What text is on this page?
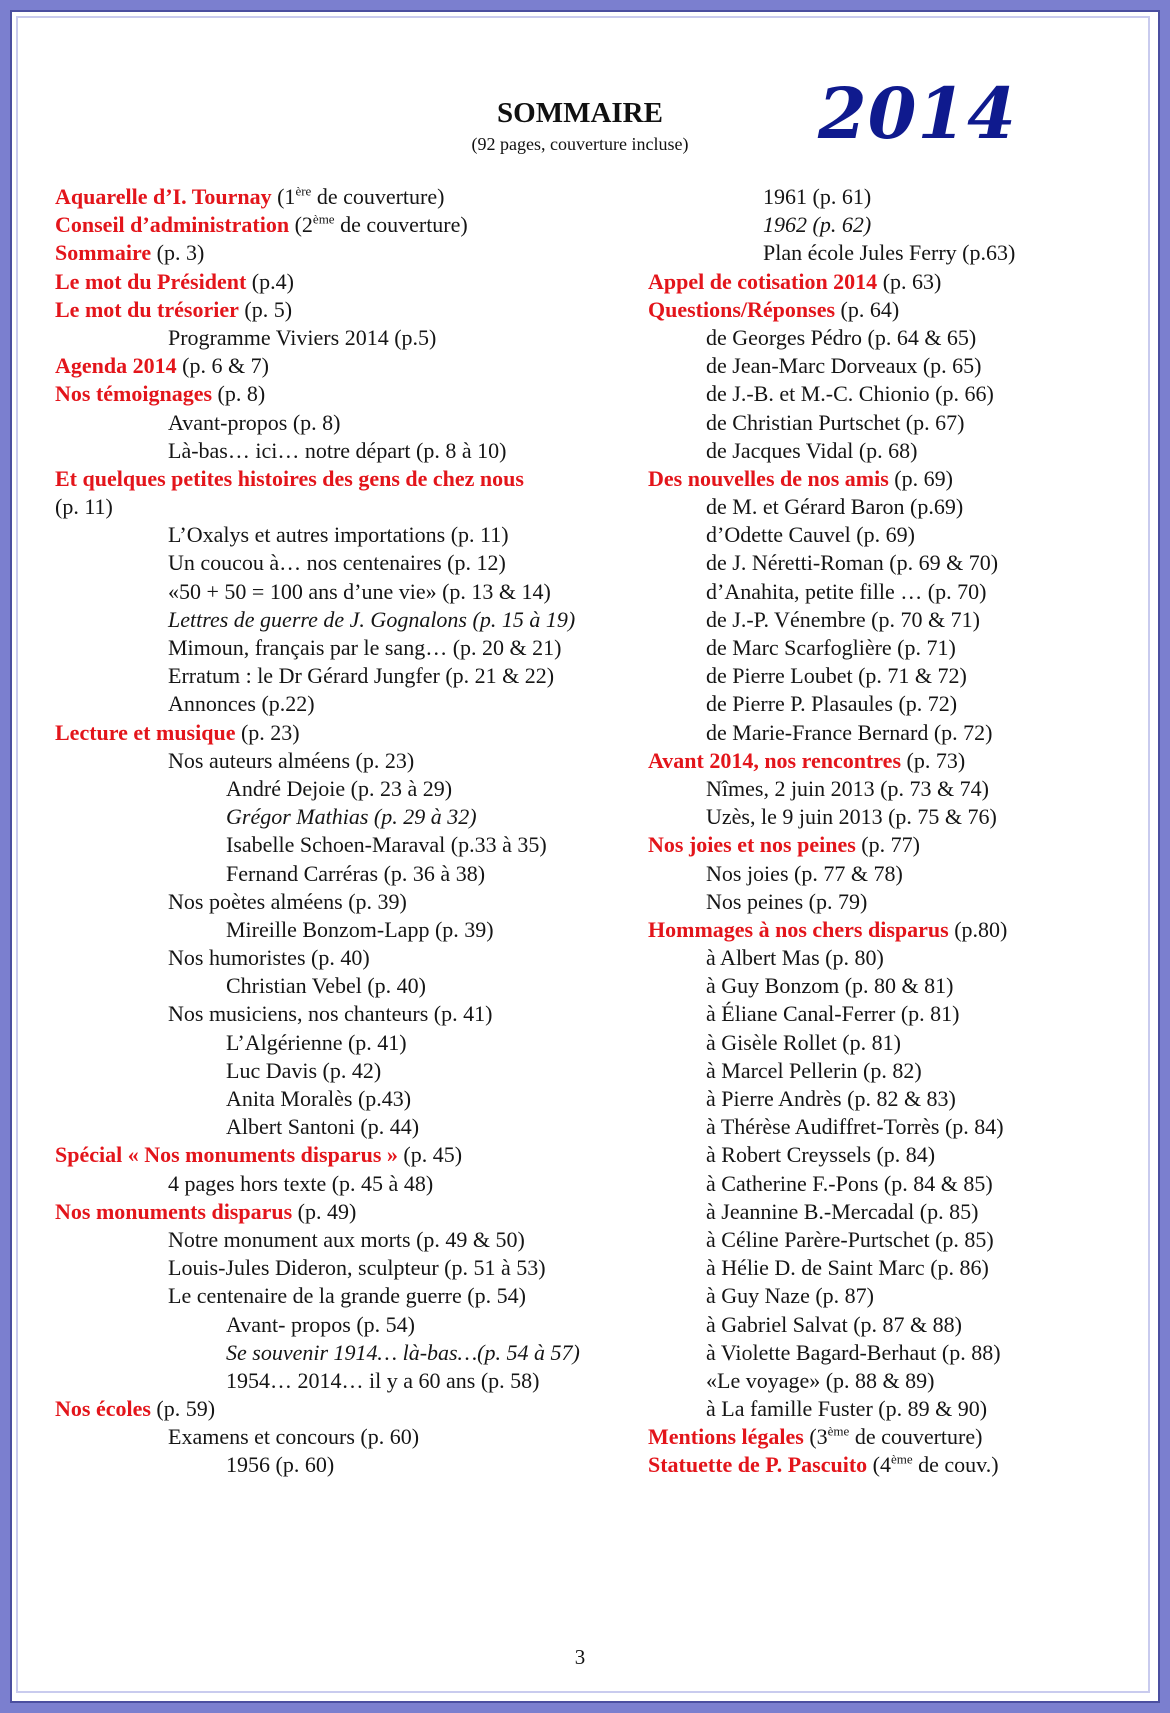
SOMMAIRE
(92 pages, couverture incluse)	2014
Aquarelle d’I. Tournay (1ère de couverture)
Conseil d’administration (2ème de couverture)
Sommaire (p. 3)
Le mot du Président (p.4)
Le mot du trésorier (p. 5)
Programme Viviers 2014 (p.5)
Agenda 2014 (p. 6 & 7)
Nos témoignages (p. 8)
Avant-propos (p. 8)
Là-bas… ici… notre départ (p. 8 à 10)
Et quelques petites histoires des gens de chez nous
(p. 11)
L’Oxalys et autres importations (p. 11)
Un coucou à… nos centenaires (p. 12)
«50 + 50 = 100 ans d’une vie» (p. 13 & 14)
Lettres de guerre de J. Gognalons (p. 15 à 19)
Mimoun, français par le sang… (p. 20 & 21)
Erratum : le Dr Gérard Jungfer (p. 21 & 22)
Annonces (p.22)
Lecture et musique (p. 23)
Nos auteurs alméens (p. 23)
André Dejoie (p. 23 à 29)
Grégor Mathias (p. 29 à 32)
Isabelle Schoen-Maraval (p.33 à 35)
Fernand Carréras (p. 36 à 38)
Nos poètes alméens (p. 39)
Mireille Bonzom-Lapp (p. 39)
Nos humoristes (p. 40)
Christian Vebel (p. 40)
Nos musiciens, nos chanteurs (p. 41)
L’Algérienne (p. 41)
Luc Davis (p. 42)
Anita Moralès (p.43)
Albert Santoni (p. 44)
Spécial « Nos monuments disparus » (p. 45)
4 pages hors texte (p. 45 à 48)
Nos monuments disparus (p. 49)
Notre monument aux morts (p. 49 & 50)
Louis-Jules Dideron, sculpteur (p. 51 à 53)
Le centenaire de la grande guerre (p. 54)
Avant- propos (p. 54)
Se souvenir 1914… là-bas…(p. 54 à 57)
1954… 2014… il y a 60 ans (p. 58)
Nos écoles (p. 59)
Examens et concours (p. 60)
1956 (p. 60)
1961 (p. 61)
1962 (p. 62)
Plan école Jules Ferry (p.63)
Appel de cotisation 2014 (p. 63)
Questions/Réponses (p. 64)
de Georges Pédro (p. 64 & 65)
de Jean-Marc Dorveaux (p. 65)
de J.-B. et M.-C. Chionio (p. 66)
de Christian Purtschet (p. 67)
de Jacques Vidal (p. 68)
Des nouvelles de nos amis (p. 69)
de M. et Gérard Baron (p.69)
d’Odette Cauvel (p. 69)
de J. Néretti-Roman (p. 69 & 70)
d’Anahita, petite fille … (p. 70)
de J.-P. Vénembre (p. 70 & 71)
de Marc Scarfoglière (p. 71)
de Pierre Loubet (p. 71 & 72)
de Pierre P. Plasaules (p. 72)
de Marie-France Bernard (p. 72)
Avant 2014, nos rencontres (p. 73)
Nîmes, 2 juin 2013 (p. 73 & 74)
Uzès, le 9 juin 2013 (p. 75 & 76)
Nos joies et nos peines (p. 77)
Nos joies (p. 77 & 78)
Nos peines (p. 79)
Hommages à nos chers disparus (p.80)
à Albert Mas (p. 80)
à Guy Bonzom (p. 80 & 81)
à Éliane Canal-Ferrer (p. 81)
à Gisèle Rollet (p. 81)
à Marcel Pellerin (p. 82)
à Pierre Andrès (p. 82 & 83)
à Thérèse Audiffret-Torrès (p. 84)
à Robert Creyssels (p. 84)
à Catherine F.-Pons (p. 84 & 85)
à Jeannine B.-Mercadal (p. 85)
à Céline Parère-Purtschet (p. 85)
à Hélie D. de Saint Marc (p. 86)
à Guy Naze (p. 87)
à Gabriel Salvat (p. 87 & 88)
à Violette Bagard-Berhaut (p. 88)
«Le voyage» (p. 88 & 89)
à La famille Fuster (p. 89 & 90)
Mentions légales (3ème de couverture)
Statuette de P. Pascuito (4ème de couv.)
3
